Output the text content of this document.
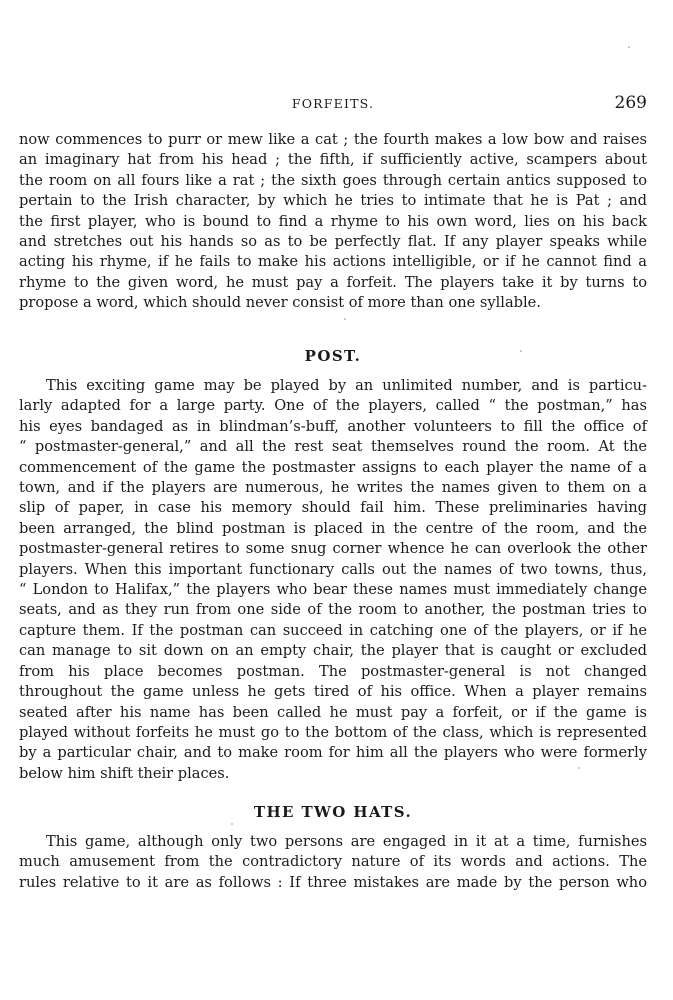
FORFEITS.	269
now commences to purr or mew like a cat ; the fourth makes a low bow and raises
an imaginary hat from his head ; the fifth, if sufficiently active, scampers about
the room on all fours like a rat ; the sixth goes through certain antics supposed to
pertain to the Irish character, by which he tries to intimate that he is Pat ; and
the first player, who is bound to find a rhyme to his own word, lies on his back
and stretches out his hands so as to be perfectly flat. If any player speaks while
acting his rhyme, if he fails to make his actions intelligible, or if he cannot find a
rhyme to the given word, he must pay a forfeit. The players take it by turns to
propose a word, which should never consist of more than one syllable.
POST.
This exciting game may be played by an unlimited number, and is particu-
larly adapted for a large party. One of the players, called “ the postman,” has
his eyes bandaged as in blindman’s-buff, another volunteers to fill the office of
“ postmaster-general,” and all the rest seat themselves round the room. At the
commencement of the game the postmaster assigns to each player the name of a
town, and if the players are numerous, he writes the names given to them on a
slip of paper, in case his memory should fail him. These preliminaries having
been arranged, the blind postman is placed in the centre of the room, and the
postmaster-general retires to some snug corner whence he can overlook the other
players. When this important functionary calls out the names of two towns, thus,
“ London to Halifax,” the players who bear these names must immediately change
seats, and as they run from one side of the room to another, the postman tries to
capture them. If the postman can succeed in catching one of the players, or if he
can manage to sit down on an empty chair, the player that is caught or excluded
from his place becomes postman. The postmaster-general is not changed
throughout the game unless he gets tired of his office. When a player remains
seated after his name has been called he must pay a forfeit, or if the game is
played without forfeits he must go to the bottom of the class, which is represented
by a particular chair, and to make room for him all the players who were formerly
below him shift their places.
THE TWO HATS.
This game, although only two persons are engaged in it at a time, furnishes
much amusement from the contradictory nature of its words and actions. The
rules relative to it are as follows : If three mistakes are made by the person who
